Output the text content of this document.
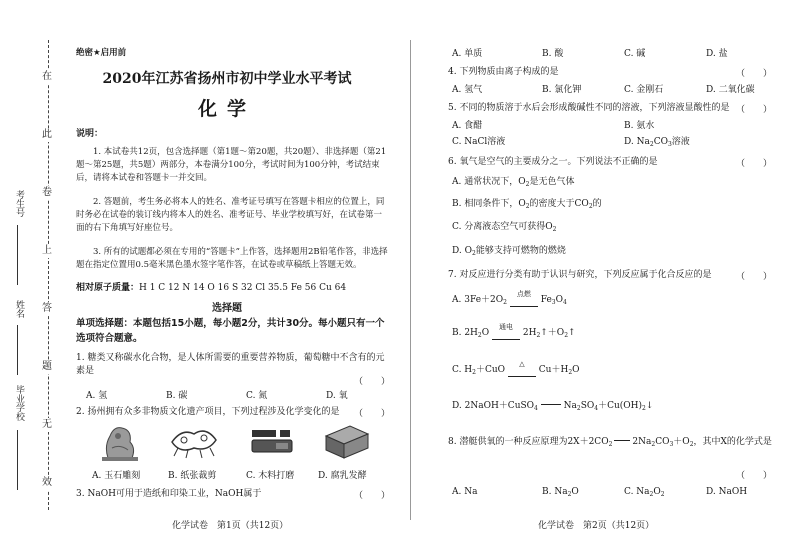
在
此
卷
上
答
题
无
效
考生号
姓名
毕业学校
绝密★启用前
2020年江苏省扬州市初中学业水平考试
化学
说明：
1. 本试卷共12页，包含选择题（第1题～第20题，共20题）、非选择题（第21题～第25题，共5题）两部分，本卷满分100分，考试时间为100分钟，考试结束后，请将本试卷和答题卡一并交回。
2. 答题前，考生务必将本人的姓名、准考证号填写在答题卡相应的位置上，同时务必在试卷的装订线内将本人的姓名、准考证号、毕业学校填写好，在试卷第一面的右下角填写好座位号。
3. 所有的试题都必须在专用的“答题卡”上作答，选择题用2B铅笔作答，非选择题在指定位置用0.5毫米黑色墨水签字笔作答，在试卷或草稿纸上答题无效。
相对原子质量：H 1 C 12 N 14 O 16 S 32 Cl 35.5 Fe 56 Cu 64
选择题
单项选择题：本题包括15小题，每小题2分，共计30分。每小题只有一个选项符合题意。
1. 糖类又称碳水化合物，是人体所需要的重要营养物质，葡萄糖中不含有的元素是
（　　）
A. 氢	B. 碳	C. 氮	D. 氧
2. 扬州拥有众多非物质文化遗产项目，下列过程涉及化学变化的是	（　　）
A. 玉石雕刻	B. 纸张裁剪	C. 木料打磨	D. 腐乳发酵
3. NaOH可用于造纸和印染工业，NaOH属于	（　　）
化学试卷　第1页（共12页）
A. 单质	B. 酸	C. 碱	D. 盐
4. 下列物质由离子构成的是	（　　）
A. 氢气	B. 氯化钾	C. 金刚石	D. 二氧化碳
5. 不同的物质溶于水后会形成酸碱性不同的溶液，下列溶液显酸性的是 （　　）
A. 食醋	B. 氨水
C. NaCl溶液	D. $Na_2CO_3$溶液
6. 氧气是空气的主要成分之一。下列说法不正确的是	（　　）
A. 通常状况下，$O_2$是无色气体
B. 相同条件下，$O_2$的密度大于$CO_2$的
C. 分离液态空气可获得$O_2$
D. $O_2$能够支持可燃物的燃烧
7. 对反应进行分类有助于认识与研究，下列反应属于化合反应的是	（　　）
A. $3Fe+2O_2$ $^{点燃}$ $Fe_3O_4$
B. $2H_2O$ $^{通电}$ $2H_2↑+O_2↑$
C. $H_2+CuO$ △ $Cu+H_2O$
D. 2NaOH＋CuSO$_4$	$Na_2SO_4+Cu(OH)_2↓$
8. 潜艇供氧的一种反应原理为$2X+2CO_2$ $2Na_2CO_3+O_2$，其中X的化学式是
（　　）
A. Na	B. $Na_2O$	C. $Na_2O_2$	D. NaOH
化学试卷　第2页（共12页）
